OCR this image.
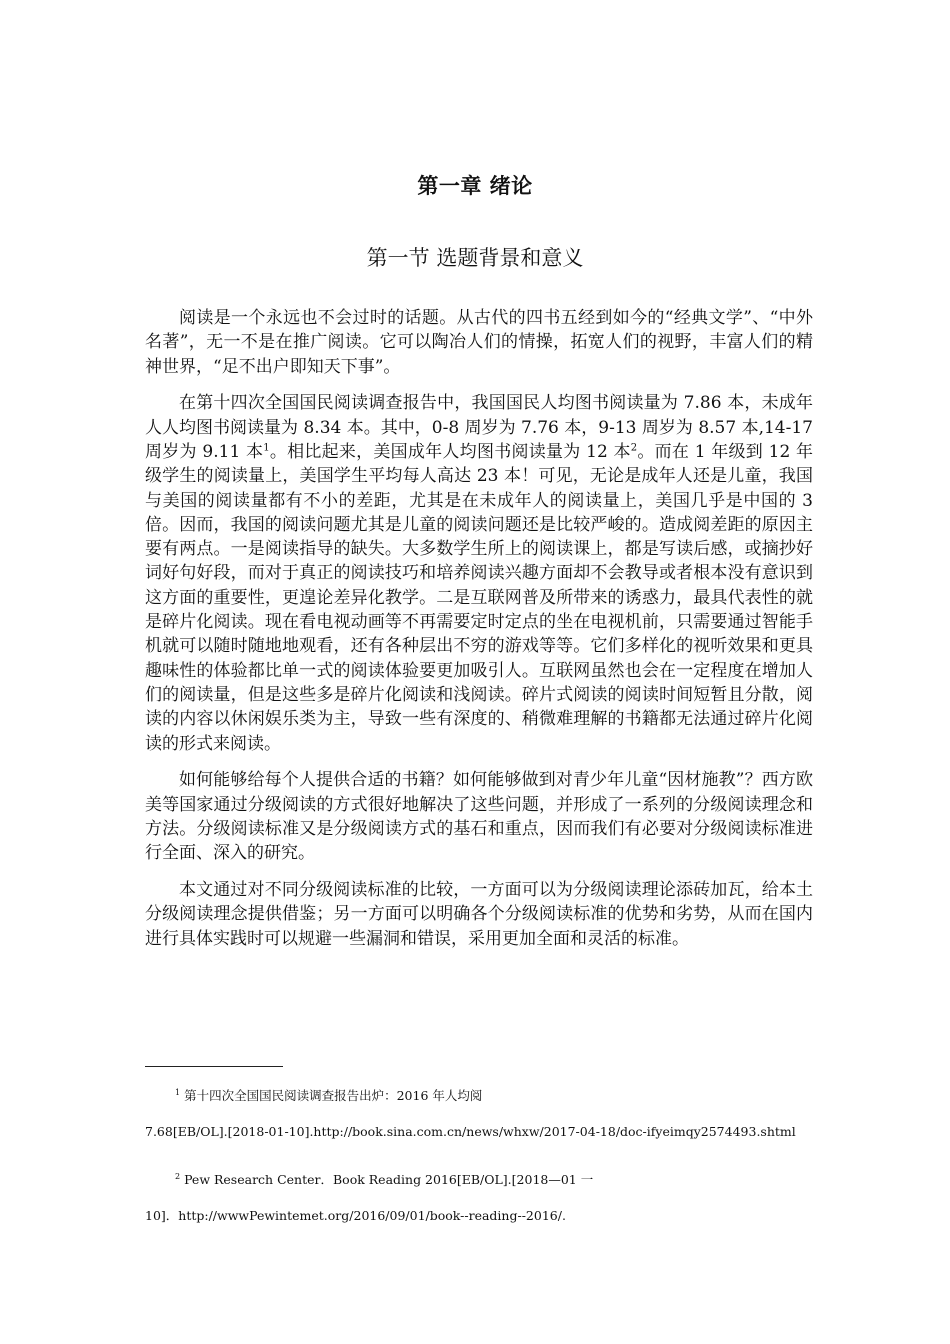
第一章 绪论
第一节 选题背景和意义

阅读是一个永远也不会过时的话题。从古代的四书五经到如今的“经典文学”、“中外名著”，无一不是在推广阅读。它可以陶冶人们的情操，拓宽人们的视野，丰富人们的精神世界，“足不出户即知天下事”。

在第十四次全国国民阅读调查报告中，我国国民人均图书阅读量为 7.86 本，未成年人人均图书阅读量为 8.34 本。其中，0-8 周岁为 7.76 本，9-13 周岁为 8.57 本,14-17 周岁为 9.11 本$^1$。相比起来，美国成年人均图书阅读量为 12 本$^2$。而在 1 年级到 12 年级学生的阅读量上，美国学生平均每人高达 23 本！可见，无论是成年人还是儿童，我国与美国的阅读量都有不小的差距，尤其是在未成年人的阅读量上，美国几乎是中国的 3 倍。因而，我国的阅读问题尤其是儿童的阅读问题还是比较严峻的。造成阅差距的原因主要有两点。一是阅读指导的缺失。大多数学生所上的阅读课上，都是写读后感，或摘抄好词好句好段，而对于真正的阅读技巧和培养阅读兴趣方面却不会教导或者根本没有意识到这方面的重要性，更遑论差异化教学。二是互联网普及所带来的诱惑力，最具代表性的就是碎片化阅读。现在看电视动画等不再需要定时定点的坐在电视机前，只需要通过智能手机就可以随时随地地观看，还有各种层出不穷的游戏等等。它们多样化的视听效果和更具趣味性的体验都比单一式的阅读体验要更加吸引人。互联网虽然也会在一定程度在增加人们的阅读量，但是这些多是碎片化阅读和浅阅读。碎片式阅读的阅读时间短暂且分散，阅读的内容以休闲娱乐类为主，导致一些有深度的、稍微难理解的书籍都无法通过碎片化阅读的形式来阅读。

如何能够给每个人提供合适的书籍？如何能够做到对青少年儿童“因材施教”？西方欧美等国家通过分级阅读的方式很好地解决了这些问题，并形成了一系列的分级阅读理念和方法。分级阅读标准又是分级阅读方式的基石和重点，因而我们有必要对分级阅读标准进行全面、深入的研究。

本文通过对不同分级阅读标准的比较，一方面可以为分级阅读理论添砖加瓦，给本土分级阅读理念提供借鉴；另一方面可以明确各个分级阅读标准的优势和劣势，从而在国内进行具体实践时可以规避一些漏洞和错误，采用更加全面和灵活的标准。

$^1$ 第十四次全国国民阅读调查报告出炉：2016 年人均阅
7.68[EB/OL].[2018-01-10].http://book.sina.com.cn/news/whxw/2017-04-18/doc-ifyeimqy2574493.shtml
$^2$ Pew Research Center．Book Reading 2016[EB/OL].[2018—01 一
10]．http://wwwPewintemet.org/2016/09/01/book--reading--2016/.
